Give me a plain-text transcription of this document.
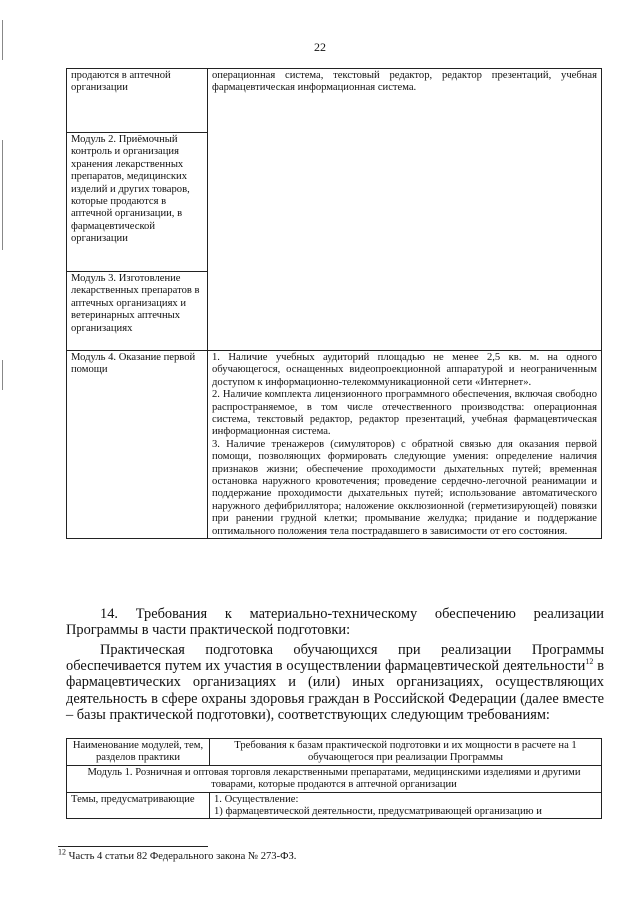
22
продаются в аптечной организации	операционная система, текстовый редактор, редактор презентаций, учебная фармацевтическая информационная система.
Модуль 2. Приёмочный контроль и организация хранения лекарственных препаратов, медицинских изделий и других товаров, которые продаются в аптечной организации, в фармацевтической организации	
Модуль 3. Изготовление лекарственных препаратов в аптечных организациях и ветеринарных аптечных организациях	
Модуль 4. Оказание первой помощи	1. Наличие учебных аудиторий площадью не менее 2,5 кв. м. на одного обучающегося, оснащенных видеопроекционной аппаратурой и неограниченным доступом к информационно-телекоммуникационной сети «Интернет».
2. Наличие комплекта лицензионного программного обеспечения, включая свободно распространяемое, в том числе отечественного производства: операционная система, текстовый редактор, редактор презентаций, учебная фармацевтическая информационная система.
3. Наличие тренажеров (симуляторов) с обратной связью для оказания первой помощи, позволяющих формировать следующие умения: определение наличия признаков жизни; обеспечение проходимости дыхательных путей; временная остановка наружного кровотечения; проведение сердечно-легочной реанимации и поддержание проходимости дыхательных путей; использование автоматического наружного дефибриллятора; наложение окклюзионной (герметизирующей) повязки при ранении грудной клетки; промывание желудка; придание и поддержание оптимального положения тела пострадавшего в зависимости от его состояния.
14. Требования к материально-техническому обеспечению реализации Программы в части практической подготовки:
Практическая подготовка обучающихся при реализации Программы обеспечивается путем их участия в осуществлении фармацевтической деятельности$^{12}$ в фармацевтических организациях и (или) иных организациях, осуществляющих деятельность в сфере охраны здоровья граждан в Российской Федерации (далее вместе – базы практической подготовки), соответствующих следующим требованиям:
Наименование модулей, тем, разделов практики	Требования к базам практической подготовки и их мощности в расчете на 1 обучающегося при реализации Программы
Модуль 1. Розничная и оптовая торговля лекарственными препаратами, медицинскими изделиями и другими товарами, которые продаются в аптечной организации	
Темы, предусматривающие	1. Осуществление:
1) фармацевтической деятельности, предусматривающей организацию и
$^{12}$ Часть 4 статьи 82 Федерального закона № 273-ФЗ.
